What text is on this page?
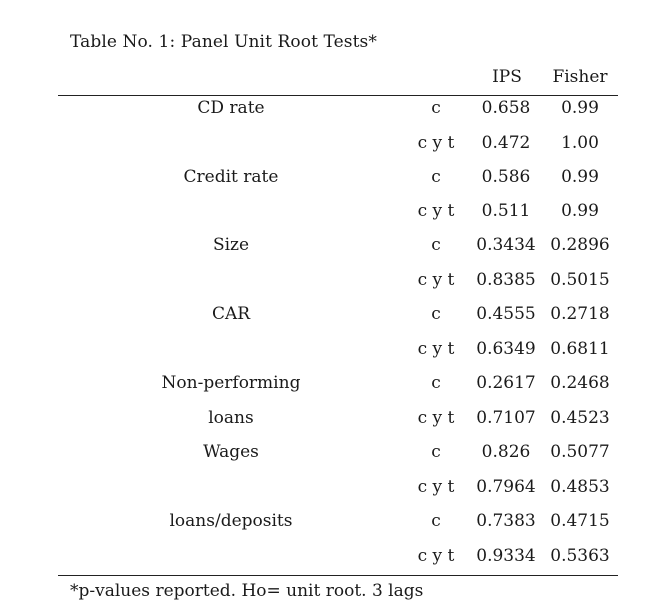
Table No. 1: Panel Unit Root Tests*
IPS	Fisher
CD rate	c	0.658	0.99
c y t	0.472	1.00
Credit rate	c	0.586	0.99
c y t	0.511	0.99
Size	c	0.3434 0.2896
c y t	0.8385 0.5015
CAR	c	0.4555 0.2718
c y t	0.6349 0.6811
Non-performing	c	0.2617 0.2468
loans	c y t	0.7107 0.4523
Wages	c	0.826	0.5077
c y t	0.7964 0.4853
loans/deposits	c	0.7383 0.4715
c y t	0.9334 0.5363
*p-values reported. Ho= unit root. 3 lags
